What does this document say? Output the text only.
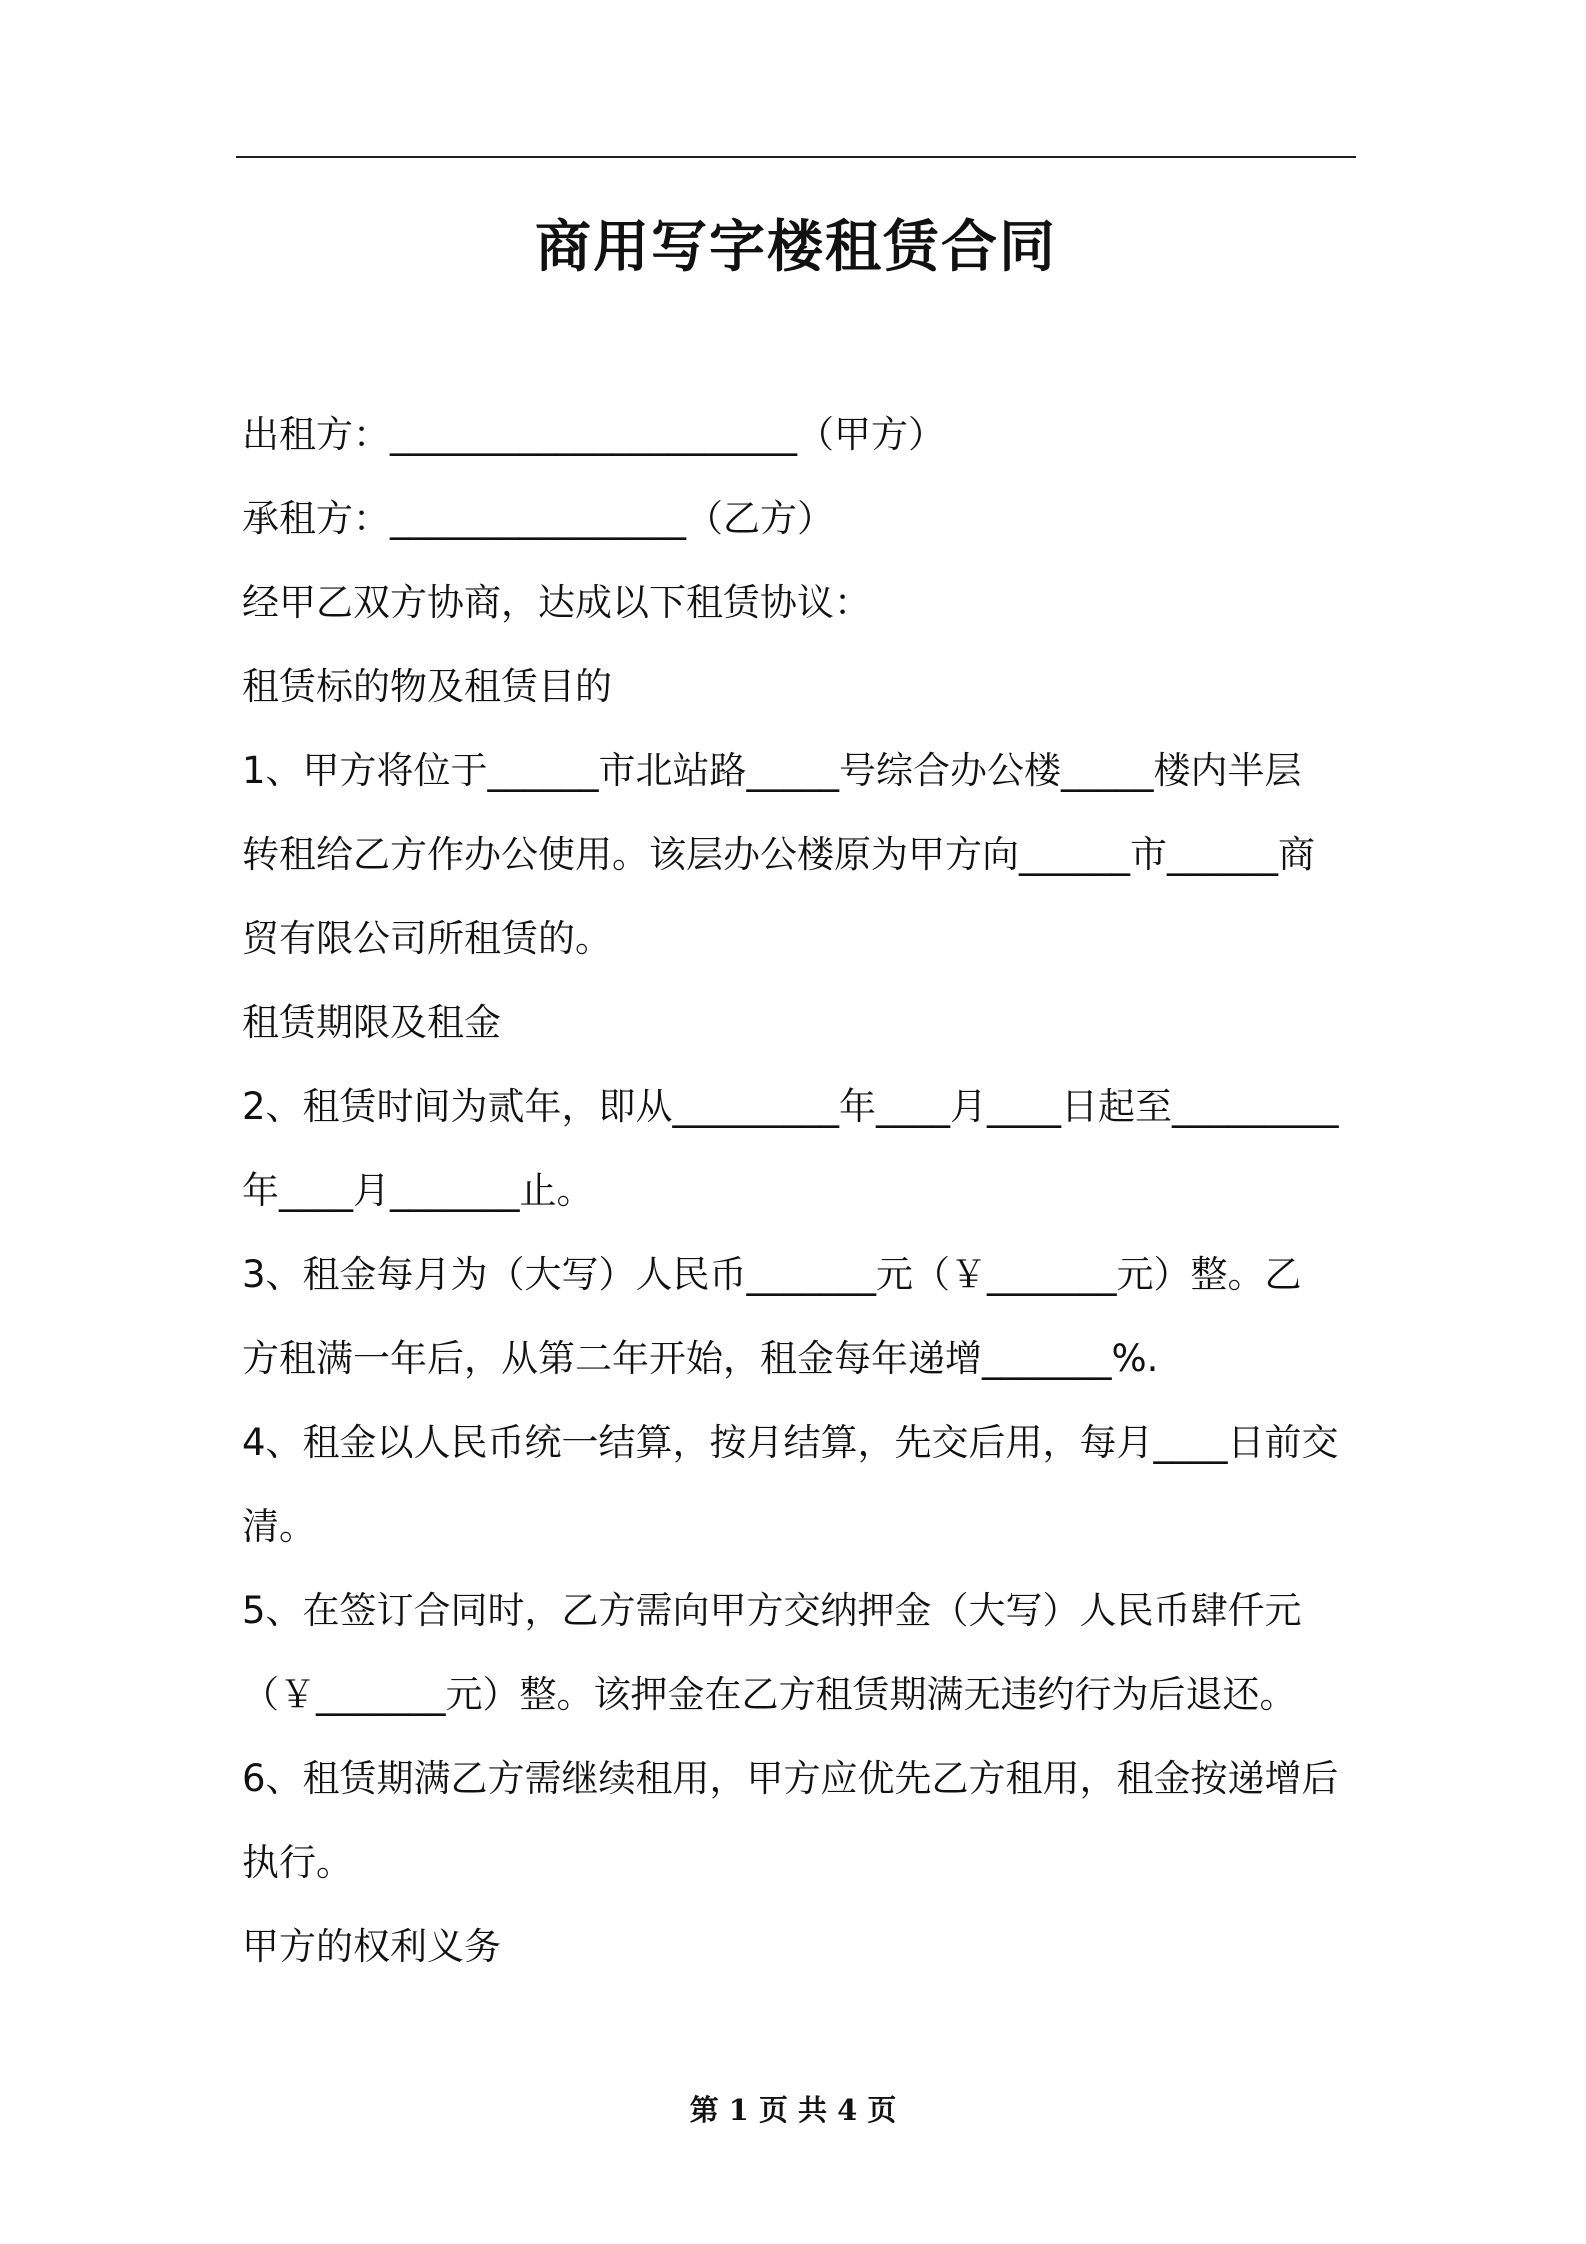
商用写字楼租赁合同

出租方：______________________（甲方）

承租方：________________（乙方）

经甲乙双方协商，达成以下租赁协议：

租赁标的物及租赁目的

1、甲方将位于______市北站路_____号综合办公楼_____楼内半层

转租给乙方作办公使用。该层办公楼原为甲方向______市______商

贸有限公司所租赁的。

租赁期限及租金

2、租赁时间为贰年，即从_________年____月____日起至_________

年____月_______止。

3、租金每月为（大写）人民币_______元（￥_______元）整。乙

方租满一年后，从第二年开始，租金每年递增_______%.

4、租金以人民币统一结算，按月结算，先交后用，每月____日前交

清。

5、在签订合同时，乙方需向甲方交纳押金（大写）人民币肆仟元

（￥_______元）整。该押金在乙方租赁期满无违约行为后退还。

6、租赁期满乙方需继续租用，甲方应优先乙方租用，租金按递增后

执行。

甲方的权利义务

第 1 页 共 4 页
